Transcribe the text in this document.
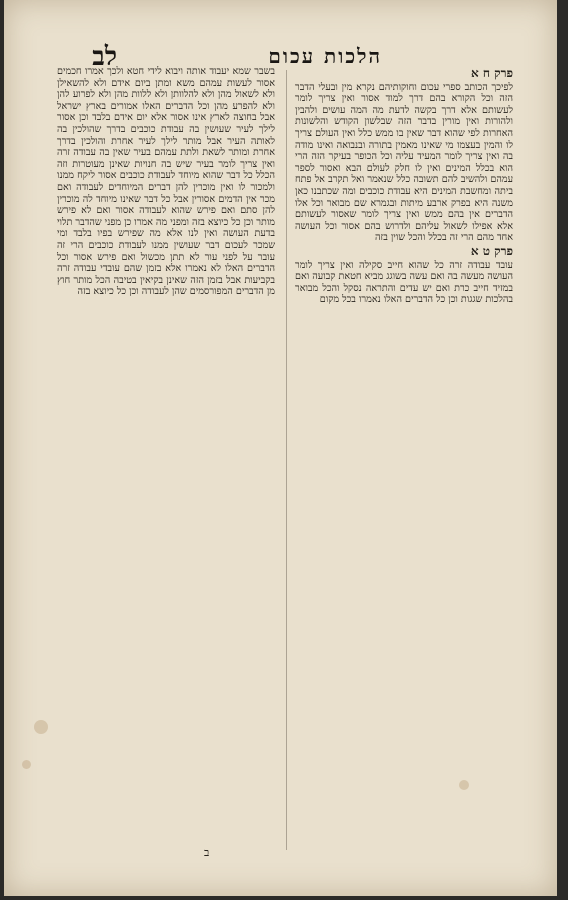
לב	הלכות עכום
פרק ח א
לפיכך הכותב ספרי עכום וחוקותיהם נקרא מין ובעלי הדבר הזה וכל הקורא בהם דרך למוד אסור ואין צריך לומר לעשותם אלא דרך בקשה לדעת מה המה עושים ולהבין ולהורות ואין מורין בדבר הזה שבלשון הקודש והלשונות האחרות לפי שהוא דבר שאין בו ממש כלל ואין העולם צריך לו והמין בעצמו מי שאינו מאמין בתורה ובנבואה ואינו מודה בה ואין צריך לומר המעיד עליה וכל הכופר בעיקר הזה הרי הוא בכלל המינים ואין לו חלק לעולם הבא ואסור לספר עמהם ולהשיב להם תשובה כלל שנאמר ואל תקרב אל פתח ביתה ומחשבת המינים היא עבודת כוכבים ומה שכתבנו כאן משנה היא בפרק ארבע מיתות ובגמרא שם מבואר וכל אלו הדברים אין בהם ממש ואין צריך לומר שאסור לעשותם אלא אפילו לשאול עליהם ולדרוש בהם אסור וכל העושה אחד מהם הרי זה בכלל והכל שוין בזה
פרק ט א
עובד עבודה זרה כל שהוא חייב סקילה ואין צריך לומר העושה מעשה בה ואם עשה בשוגג מביא חטאת קבועה ואם במזיד חייב כרת ואם יש עדים והתראה נסקל והכל מבואר בהלכות שגגות וכן כל הדברים האלו נאמרו בכל מקום
בשבר שמא יעבוד אותה ויבוא לידי חטא ולכך אמרו חכמים אסור לעשות עמהם משא ומתן ביום אידם ולא להשאילן ולא לשאול מהן ולא להלוותן ולא ללוות מהן ולא לפרוע להן ולא להפרע מהן וכל הדברים האלו אמורים בארץ ישראל אבל בחוצה לארץ אינו אסור אלא יום אידם בלבד וכן אסור לילך לעיר שעושין בה עבודת כוכבים בדרך שהולכין בה לאותה העיר אבל מותר לילך לעיר אחרת והולכין בדרך אחרת ומותר לשאת ולתת עמהם בעיר שאין בה עבודה זרה ואין צריך לומר בעיר שיש בה חנויות שאינן מעוטרות וזה הכלל כל דבר שהוא מיוחד לעבודת כוכבים אסור ליקח ממנו ולמכור לו ואין מוכרין להן דברים המיוחדים לעבודה ואם מכר אין הדמים אסורין אבל כל דבר שאינו מיוחד לה מוכרין להן סתם ואם פירש שהוא לעבודה אסור ואם לא פירש מותר וכן כל כיוצא בזה ומפני מה אמרו כן מפני שהדבר תלוי בדעת העושה ואין לנו אלא מה שפירש בפיו בלבד ומי שמכר לעכום דבר שעושין ממנו לעבודת כוכבים הרי זה עובר על לפני עור לא תתן מכשול ואם פירש אסור וכל הדברים האלו לא נאמרו אלא בזמן שהם עובדי עבודה זרה בקביעות אבל בזמן הזה שאינן בקיאין בטיבה הכל מותר חוץ מן הדברים המפורסמים שהן לעבודה וכן כל כיוצא בזה
ב
